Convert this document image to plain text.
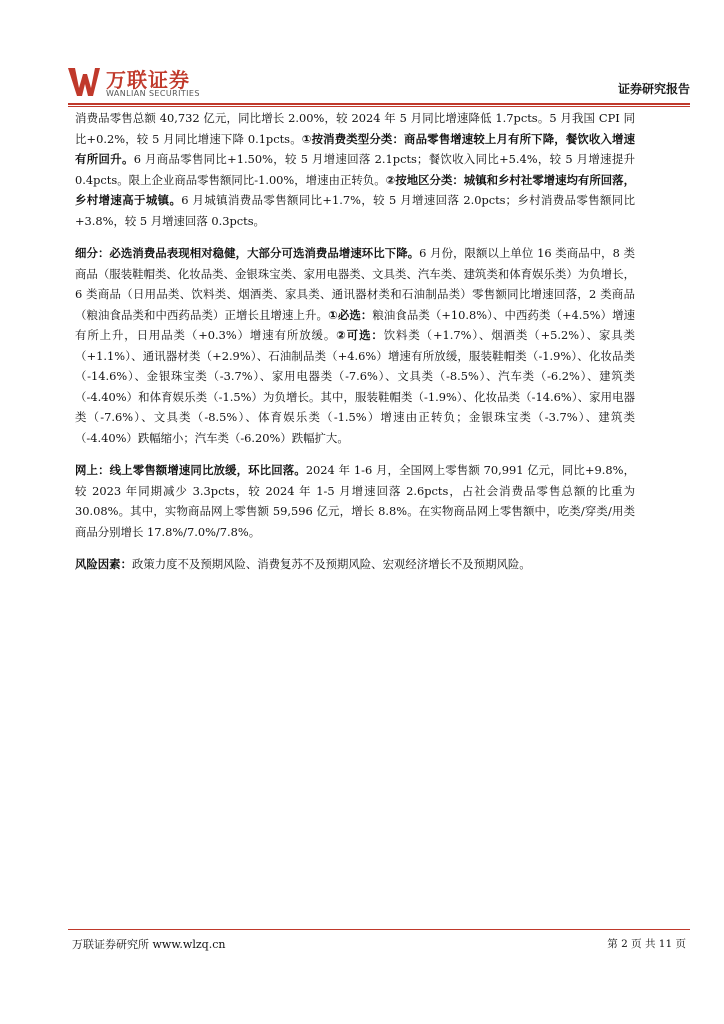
万联证券
WANLIAN SECURITIES	证券研究报告

消费品零售总额 40,732 亿元，同比增长 2.00%，较 2024 年 5 月同比增速降低 1.7pcts。5 月我国 CPI 同比+0.2%，较 5 月同比增速下降 0.1pcts。①按消费类型分类：商品零售增速较上月有所下降，餐饮收入增速有所回升。6 月商品零售同比+1.50%，较 5 月增速回落 2.1pcts；餐饮收入同比+5.4%，较 5 月增速提升 0.4pcts。限上企业商品零售额同比-1.00%，增速由正转负。②按地区分类：城镇和乡村社零增速均有所回落，乡村增速高于城镇。6 月城镇消费品零售额同比+1.7%，较 5 月增速回落 2.0pcts；乡村消费品零售额同比+3.8%，较 5 月增速回落 0.3pcts。

细分：必选消费品表现相对稳健，大部分可选消费品增速环比下降。6 月份，限额以上单位 16 类商品中，8 类商品（服装鞋帽类、化妆品类、金银珠宝类、家用电器类、文具类、汽车类、建筑类和体育娱乐类）为负增长，6 类商品（日用品类、饮料类、烟酒类、家具类、通讯器材类和石油制品类）零售额同比增速回落，2 类商品（粮油食品类和中西药品类）正增长且增速上升。①必选：粮油食品类（+10.8%）、中西药类（+4.5%）增速有所上升，日用品类（+0.3%）增速有所放缓。②可选：饮料类（+1.7%）、烟酒类（+5.2%）、家具类（+1.1%）、通讯器材类（+2.9%）、石油制品类（+4.6%）增速有所放缓，服装鞋帽类（-1.9%）、化妆品类（-14.6%）、金银珠宝类（-3.7%）、家用电器类（-7.6%）、文具类（-8.5%）、汽车类（-6.2%）、建筑类（-4.40%）和体育娱乐类（-1.5%）为负增长。其中，服装鞋帽类（-1.9%）、化妆品类（-14.6%）、家用电器类（-7.6%）、文具类（-8.5%）、体育娱乐类（-1.5%）增速由正转负；金银珠宝类（-3.7%）、建筑类（-4.40%）跌幅缩小；汽车类（-6.20%）跌幅扩大。

网上：线上零售额增速同比放缓，环比回落。2024 年 1-6 月，全国网上零售额 70,991 亿元，同比+9.8%，较 2023 年同期减少 3.3pcts，较 2024 年 1-5 月增速回落 2.6pcts，占社会消费品零售总额的比重为 30.08%。其中，实物商品网上零售额 59,596 亿元，增长 8.8%。在实物商品网上零售额中，吃类/穿类/用类商品分别增长 17.8%/7.0%/7.8%。

风险因素：政策力度不及预期风险、消费复苏不及预期风险、宏观经济增长不及预期风险。

万联证券研究所 www.wlzq.cn	第 2 页 共 11 页
